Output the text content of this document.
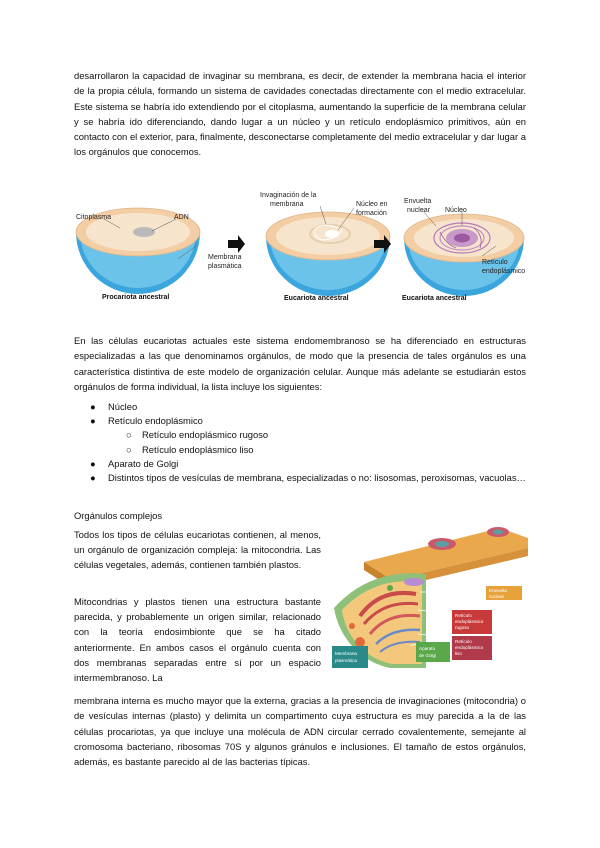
desarrollaron la capacidad de invaginar su membrana, es decir, de extender la membrana hacia el interior de la propia célula, formando un sistema de cavidades conectadas directamente con el medio extracelular. Este sistema se habría ido extendiendo por el citoplasma, aumentando la superficie de la membrana celular y se habría ido diferenciando, dando lugar a un núcleo y un retículo endoplásmico primitivos, aún en contacto con el exterior, para, finalmente, desconectarse completamente del medio extracelular y dar lugar a los orgánulos que conocemos.

Citoplasma	ADN
Membrana
plasmática
Procariota ancestral
Invaginación de la
membrana	Núcleo en
formación
Eucariota ancestral
Envuelta
nuclear Núcleo
Retículo
endoplásmico
Eucariota ancestral

En las células eucariotas actuales este sistema endomembranoso se ha diferenciado en estructuras especializadas a las que denominamos orgánulos, de modo que la presencia de tales orgánulos es una característica distintiva de este modelo de organización celular. Aunque más adelante se estudiarán estos orgánulos de forma individual, la lista incluye los siguientes:

● Núcleo
● Retículo endoplásmico
○ Retículo endoplásmico rugoso
○ Retículo endoplásmico liso
● Aparato de Golgi
● Distintos tipos de vesículas de membrana, especializadas o no: lisosomas, peroxisomas, vacuolas…

Orgánulos complejos

Todos los tipos de células eucariotas contienen, al menos, un orgánulo de organización compleja: la mitocondria. Las células vegetales, además, contienen también plastos.

Mitocondrias y plastos tienen una estructura bastante parecida, y probablemente un origen similar, relacionado con la teoría endosimbionte que se ha citado anteriormente. En ambos casos el orgánulo cuenta con dos membranas separadas entre sí por un espacio intermembranoso. La

Envuelta
nuclear
Retículo
endoplásmico
rugoso
Retículo
endoplásmico
liso
Aparato
de Golgi
Membrana
plasmática

membrana interna es mucho mayor que la externa, gracias a la presencia de invaginaciones (mitocondria) o de vesículas internas (plasto) y delimita un compartimento cuya estructura es muy parecida a la de las células procariotas, ya que incluye una molécula de ADN circular cerrado covalentemente, semejante al cromosoma bacteriano, ribosomas 70S y algunos gránulos e inclusiones. El tamaño de estos orgánulos, además, es bastante parecido al de las bacterias típicas.
